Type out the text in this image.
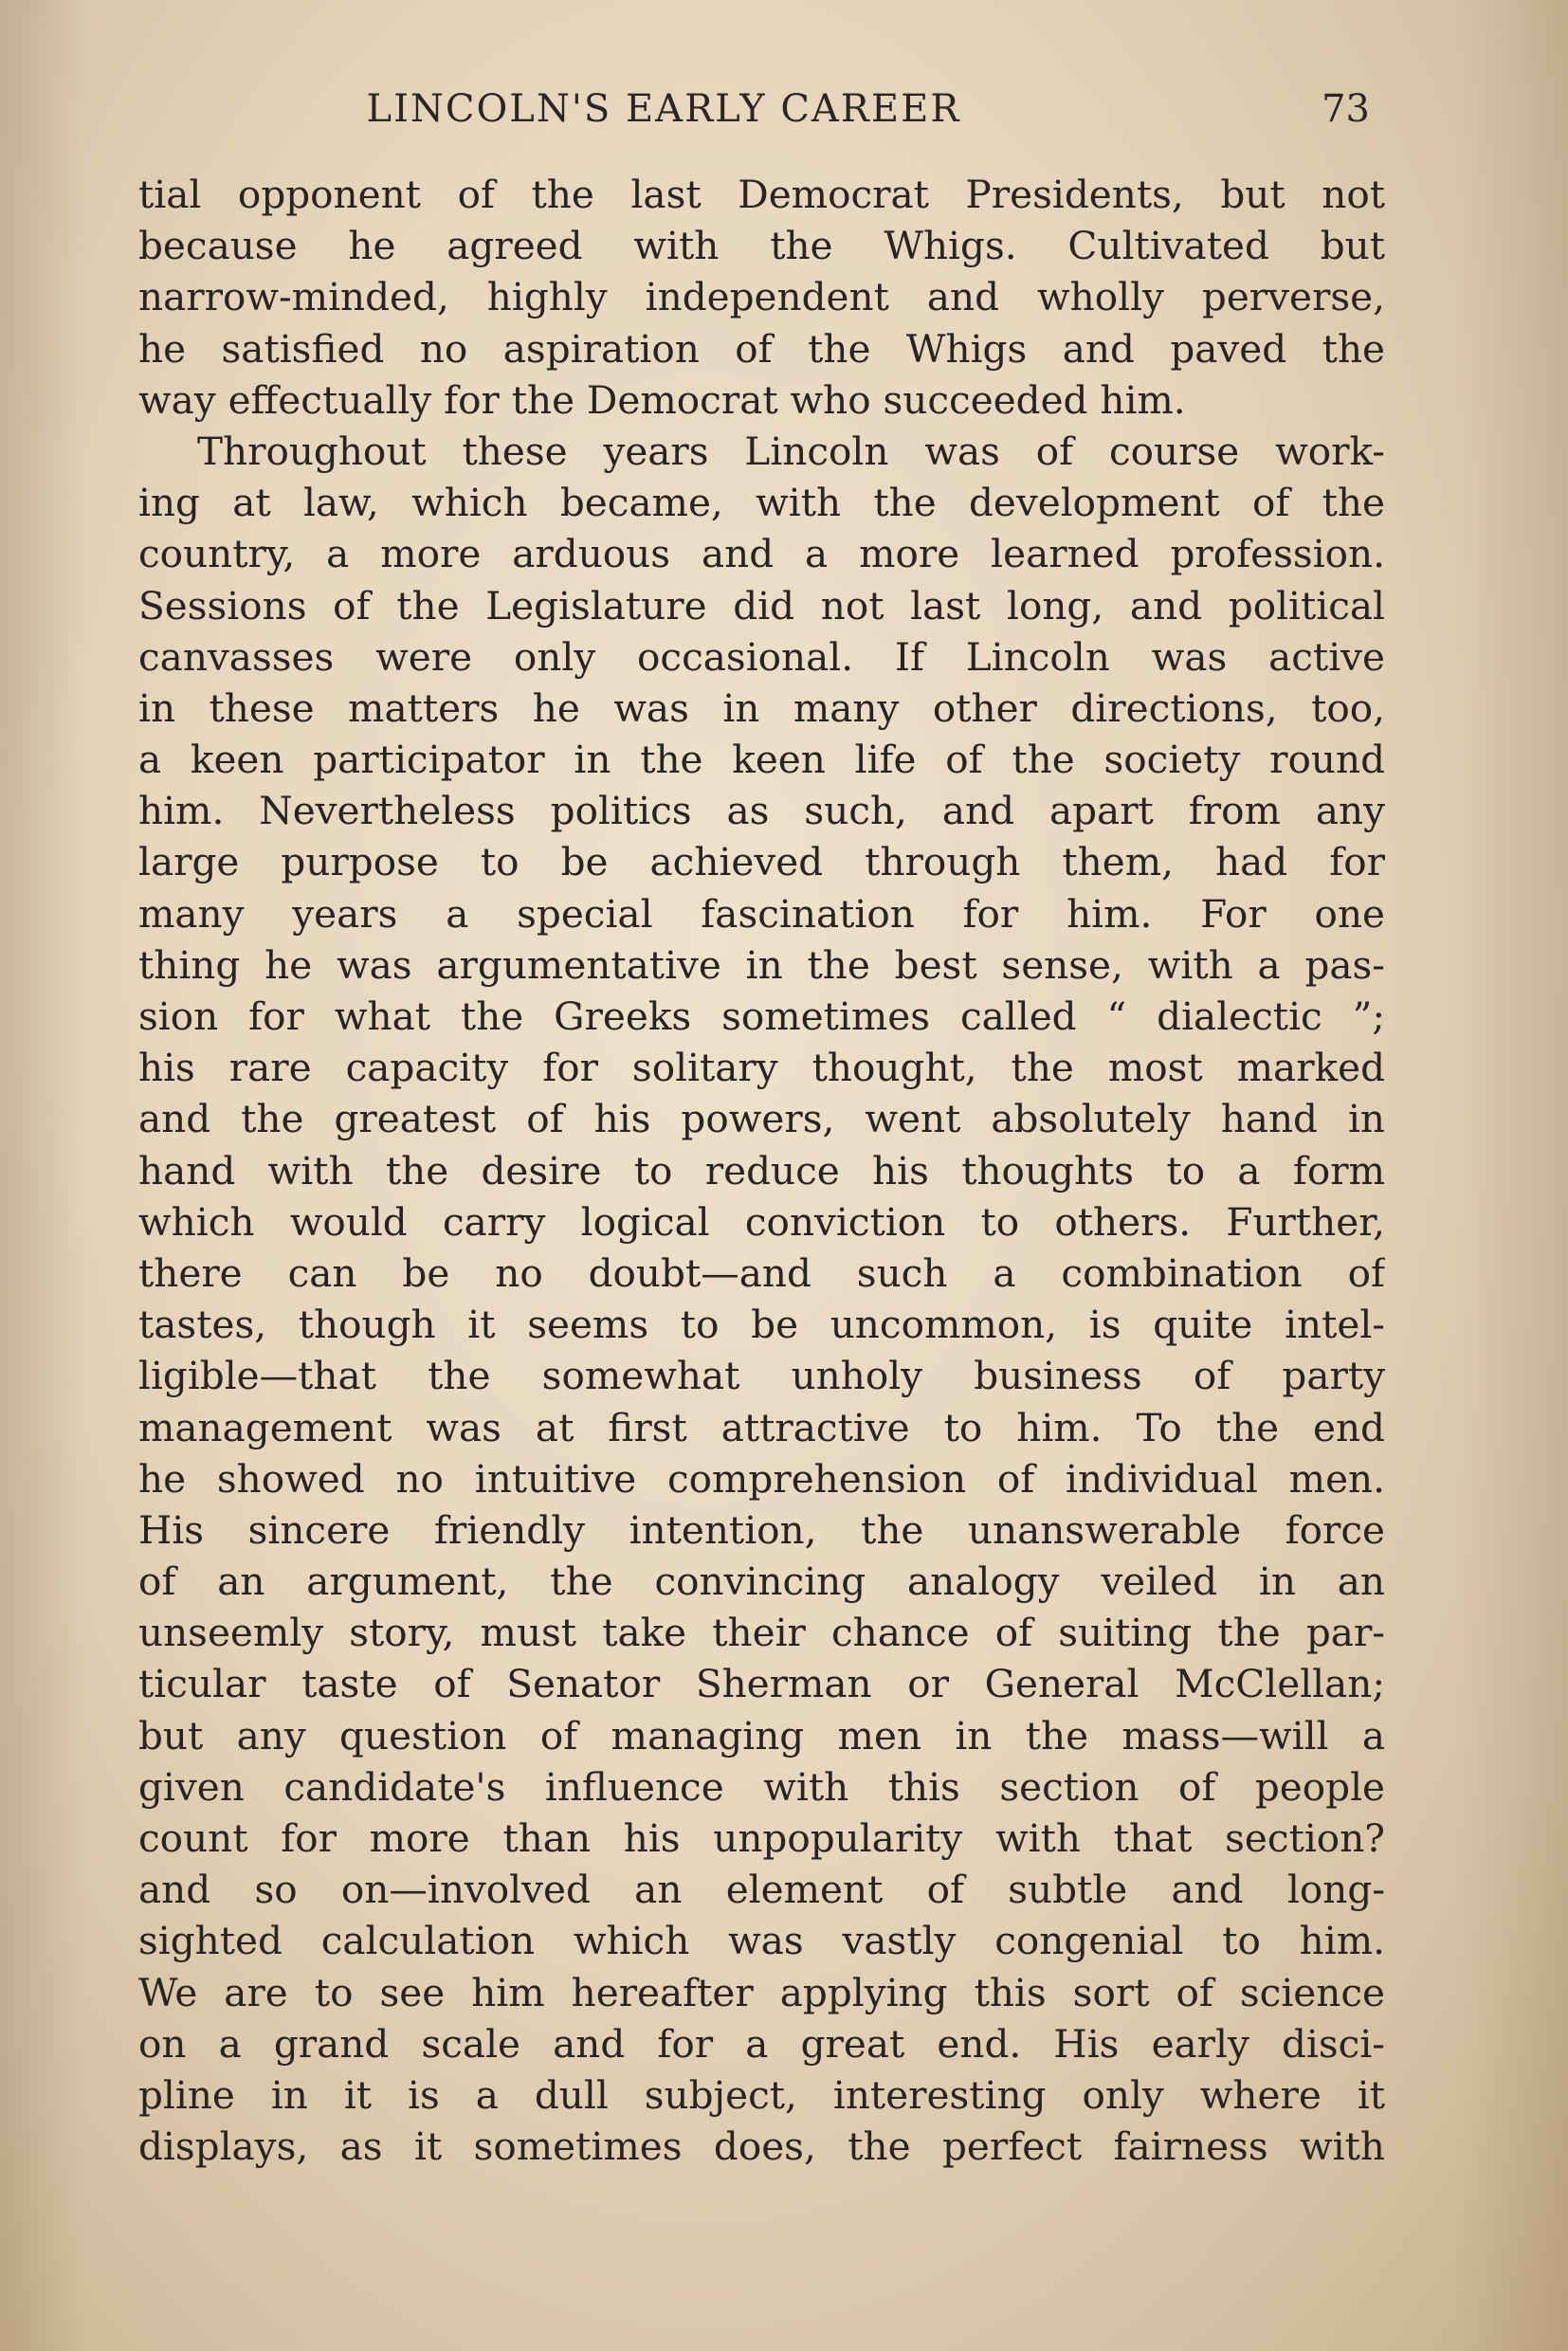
LINCOLN'S EARLY CAREER	73
tial opponent of the last Democrat Presidents, but not
because he agreed with the Whigs. Cultivated but
narrow-minded, highly independent and wholly perverse,
he satisfied no aspiration of the Whigs and paved the
way effectually for the Democrat who succeeded him.
Throughout these years Lincoln was of course work-
ing at law, which became, with the development of the
country, a more arduous and a more learned profession.
Sessions of the Legislature did not last long, and political
canvasses were only occasional. If Lincoln was active
in these matters he was in many other directions, too,
a keen participator in the keen life of the society round
him. Nevertheless politics as such, and apart from any
large purpose to be achieved through them, had for
many years a special fascination for him. For one
thing he was argumentative in the best sense, with a pas-
sion for what the Greeks sometimes called “ dialectic ”;
his rare capacity for solitary thought, the most marked
and the greatest of his powers, went absolutely hand in
hand with the desire to reduce his thoughts to a form
which would carry logical conviction to others. Further,
there can be no doubt—and such a combination of
tastes, though it seems to be uncommon, is quite intel-
ligible—that the somewhat unholy business of party
management was at first attractive to him. To the end
he showed no intuitive comprehension of individual men.
His sincere friendly intention, the unanswerable force
of an argument, the convincing analogy veiled in an
unseemly story, must take their chance of suiting the par-
ticular taste of Senator Sherman or General McClellan;
but any question of managing men in the mass—will a
given candidate's influence with this section of people
count for more than his unpopularity with that section?
and so on—involved an element of subtle and long-
sighted calculation which was vastly congenial to him.
We are to see him hereafter applying this sort of science
on a grand scale and for a great end. His early disci-
pline in it is a dull subject, interesting only where it
displays, as it sometimes does, the perfect fairness with
